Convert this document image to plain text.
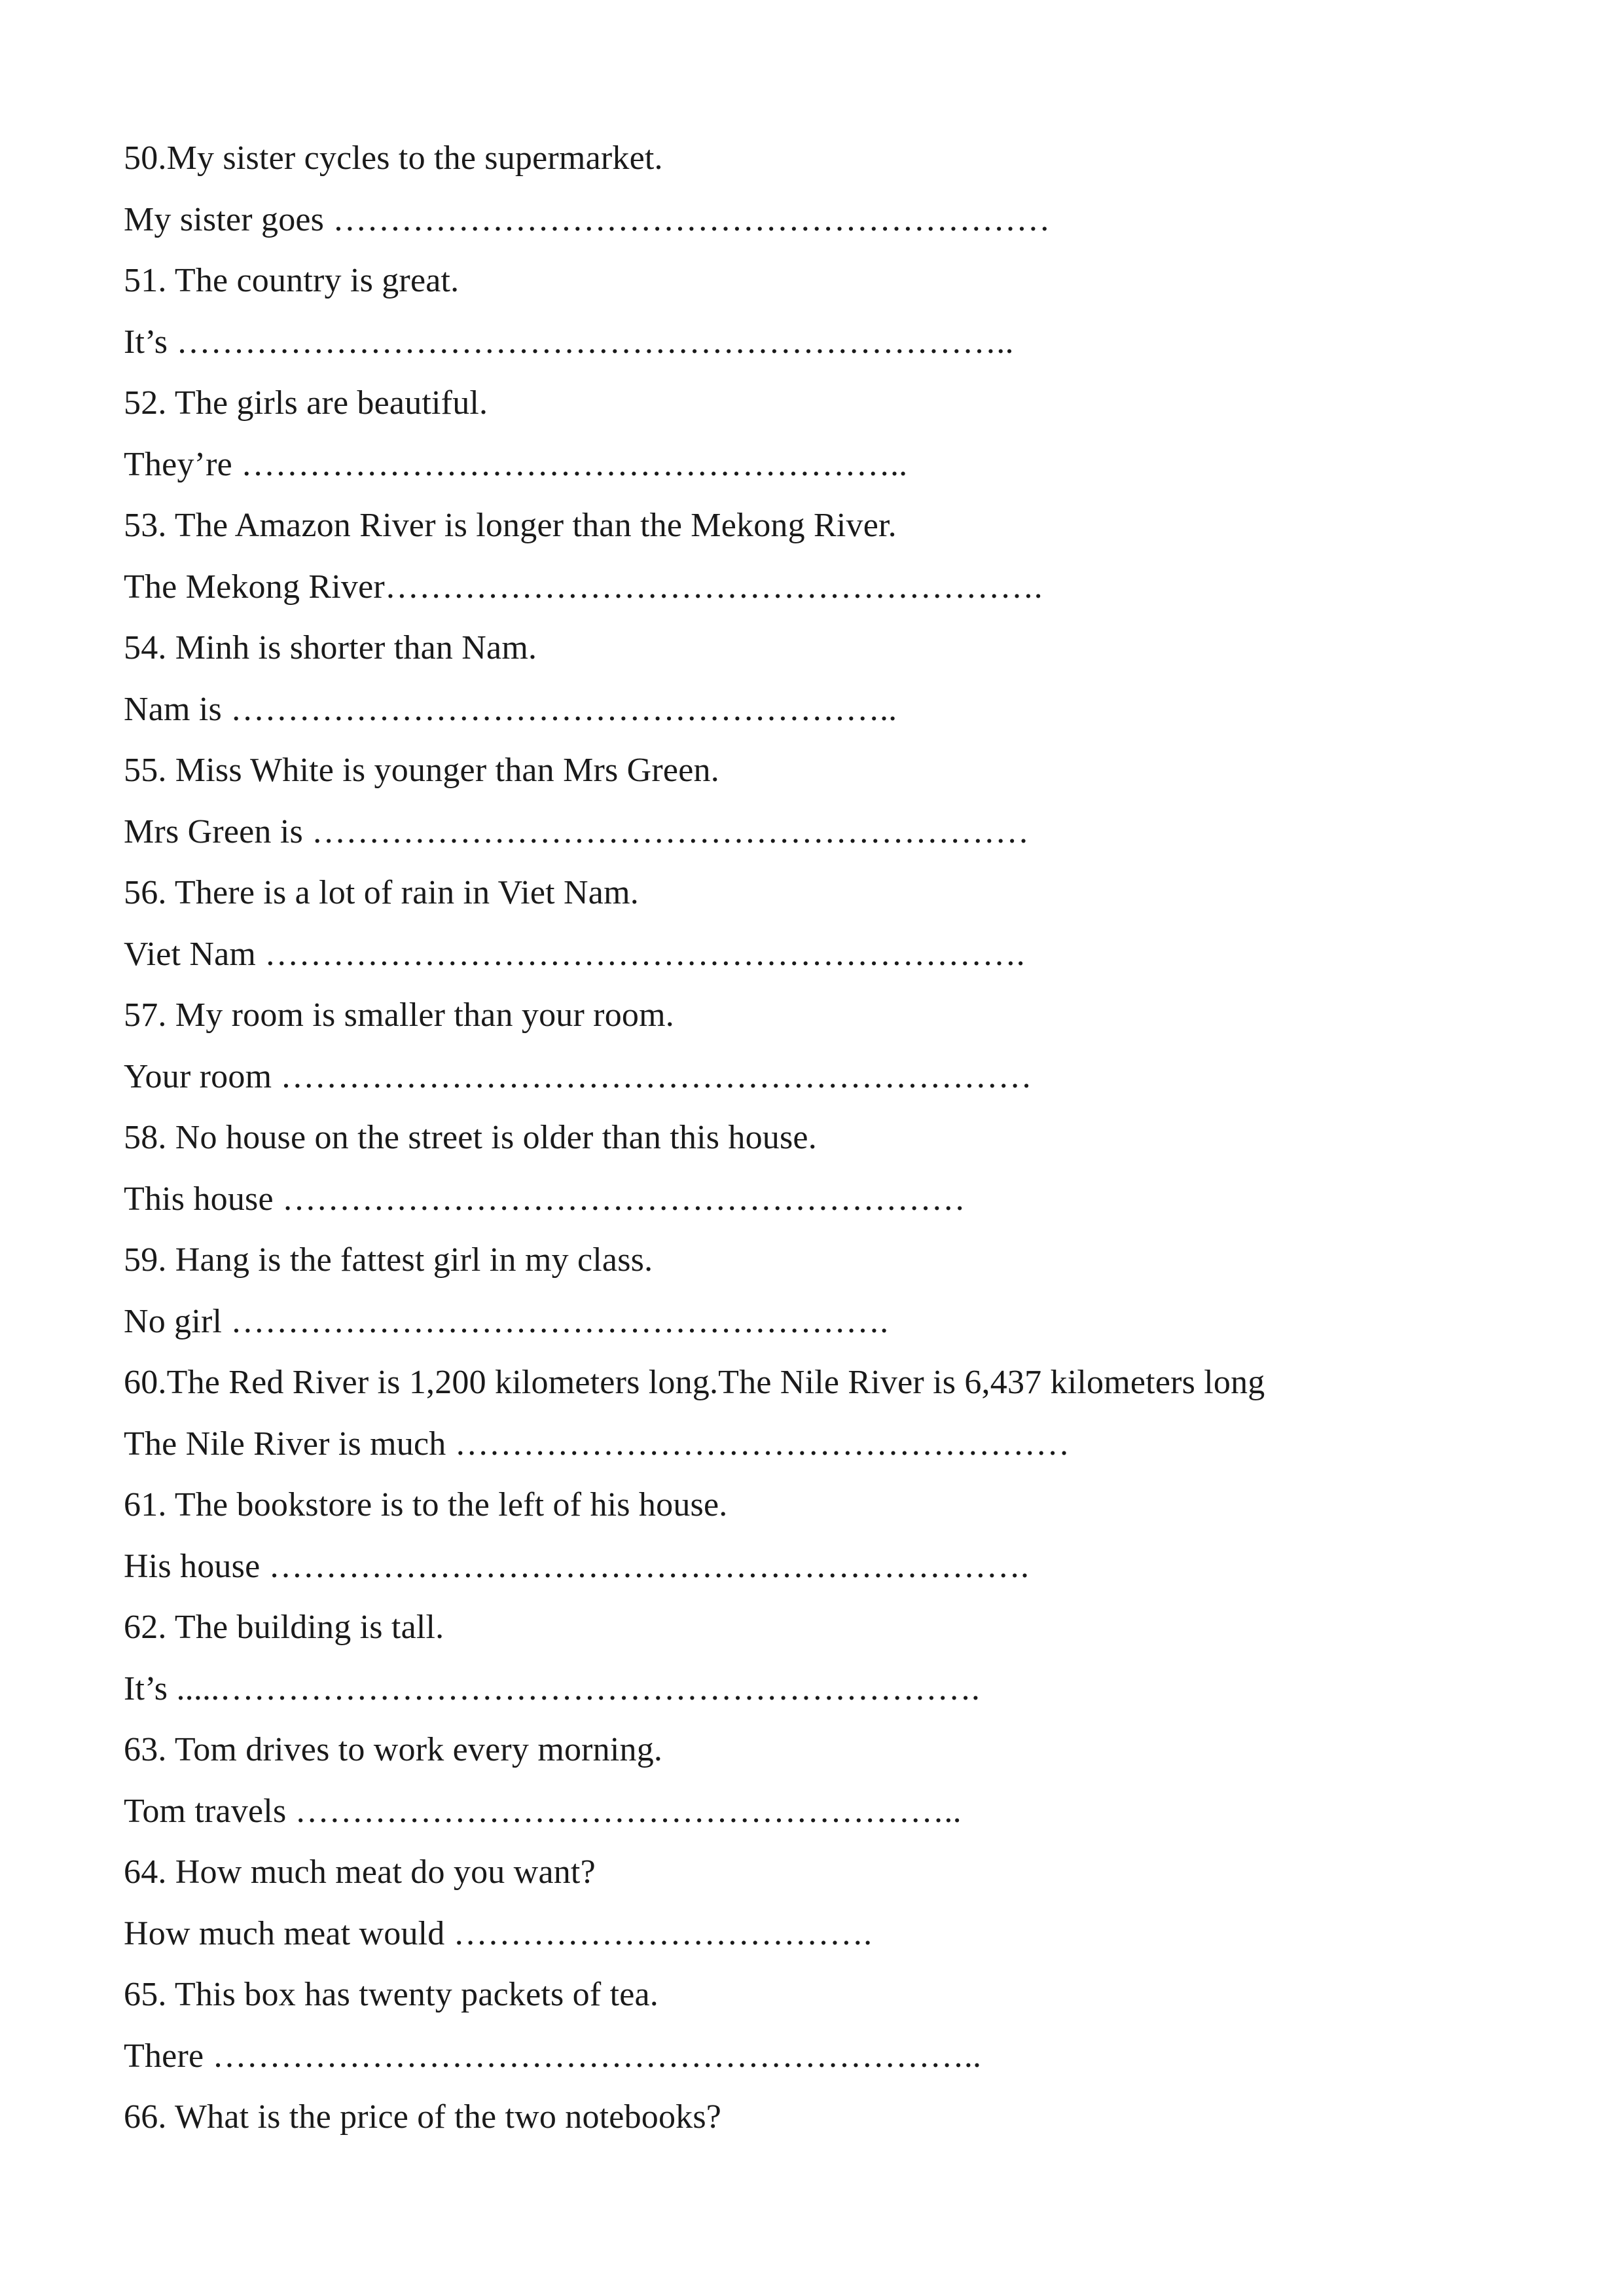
50.My sister cycles to the supermarket.
My sister goes ………………………………………………………
51. The country is great.
It’s ………………………………………………………………..
52. The girls are beautiful.
They’re …………………………………………………..
53. The Amazon River is longer than the Mekong River.
The Mekong River………………………………………………….
54. Minh is shorter than Nam.
Nam is …………………………………………………..
55. Miss White is younger than Mrs Green.
Mrs Green is ………………………………………………………
56. There is a lot of rain in Viet Nam.
Viet Nam ………………………………………………………….
57. My room is smaller than your room.
Your room …………………………………………………………
58. No house on the street is older than this house.
This house ……………………………………………………
59. Hang is the fattest girl in my class.
No girl ………………………………………………….
60.The Red River is 1,200 kilometers long.The Nile River is 6,437 kilometers long
The Nile River is much ………………………………………………
61. The bookstore is to the left of his house.
His house ………………………………………………………….
62. The building is tall.
It’s .....………………………………………………………….
63. Tom drives to work every morning.
Tom travels …………………………………………………..
64. How much meat do you want?
How much meat would ……………………………….
65. This box has twenty packets of tea.
There …………………………………………………………..
66. What is the price of the two notebooks?
